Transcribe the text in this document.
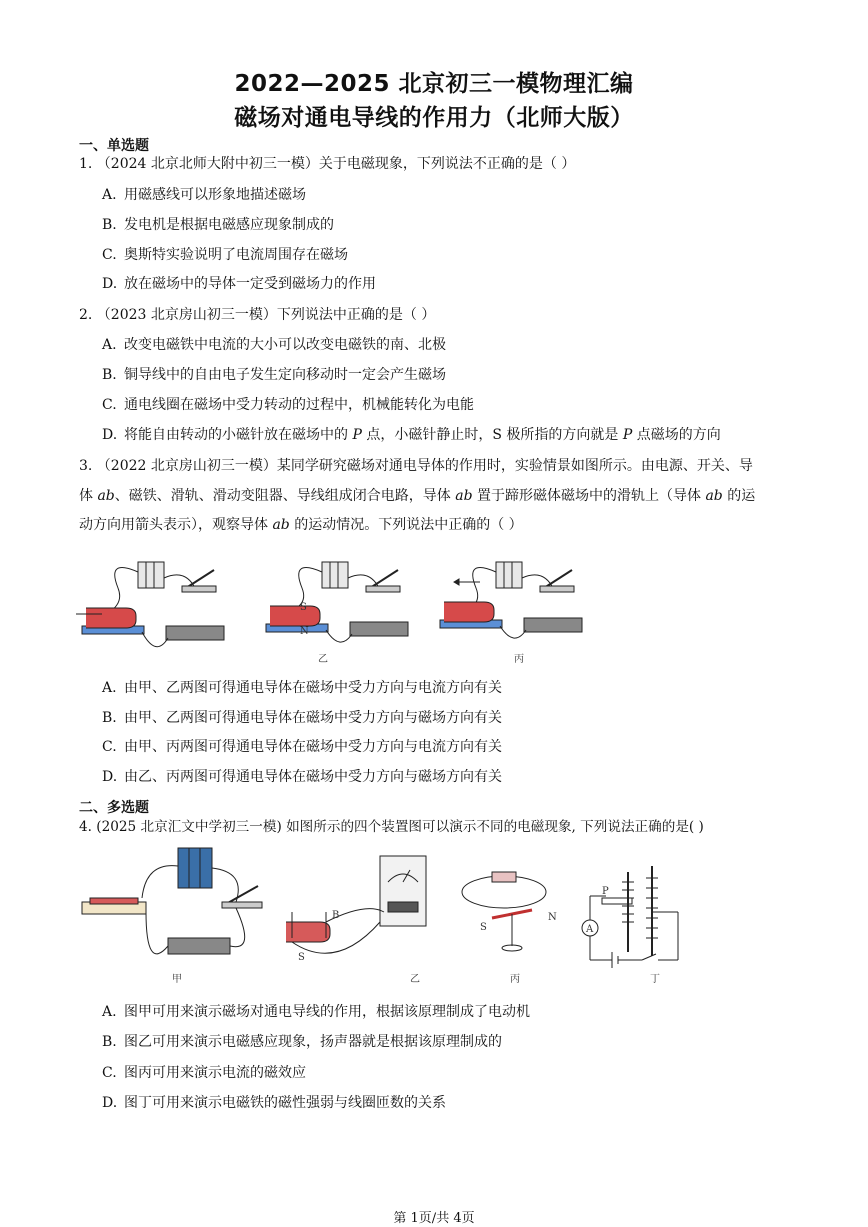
2022—2025 北京初三一模物理汇编
磁场对通电导线的作用力（北师大版）
一、单选题
1. （2024 北京北师大附中初三一模）关于电磁现象，下列说法不正确的是（ ）
A. 用磁感线可以形象地描述磁场
B. 发电机是根据电磁感应现象制成的
C. 奥斯特实验说明了电流周围存在磁场
D. 放在磁场中的导体一定受到磁场力的作用
2. （2023 北京房山初三一模）下列说法中正确的是（ ）
A. 改变电磁铁中电流的大小可以改变电磁铁的南、北极
B. 铜导线中的自由电子发生定向移动时一定会产生磁场
C. 通电线圈在磁场中受力转动的过程中，机械能转化为电能
D. 将能自由转动的小磁针放在磁场中的 P 点，小磁针静止时，S 极所指的方向就是 P 点磁场的方向
3. （2022 北京房山初三一模）某同学研究磁场对通电导体的作用时，实验情景如图所示。由电源、开关、导
体 ab、磁铁、滑轨、滑动变阻器、导线组成闭合电路，导体 ab 置于蹄形磁体磁场中的滑轨上（导体 ab 的运
动方向用箭头表示），观察导体 ab 的运动情况。下列说法中正确的（ ）
N
S
乙	丙
A. 由甲、乙两图可得通电导体在磁场中受力方向与电流方向有关
B. 由甲、乙两图可得通电导体在磁场中受力方向与磁场方向有关
C. 由甲、丙两图可得通电导体在磁场中受力方向与电流方向有关
D. 由乙、丙两图可得通电导体在磁场中受力方向与磁场方向有关
二、多选题
4. (2025 北京汇文中学初三一模) 如图所示的四个装置图可以演示不同的电磁现象, 下列说法正确的是( )
甲
B
S
乙
S
N
丙
A
P
丁
A. 图甲可用来演示磁场对通电导线的作用，根据该原理制成了电动机
B. 图乙可用来演示电磁感应现象，扬声器就是根据该原理制成的
C. 图丙可用来演示电流的磁效应
D. 图丁可用来演示电磁铁的磁性强弱与线圈匝数的关系
第 1页/共 4页
